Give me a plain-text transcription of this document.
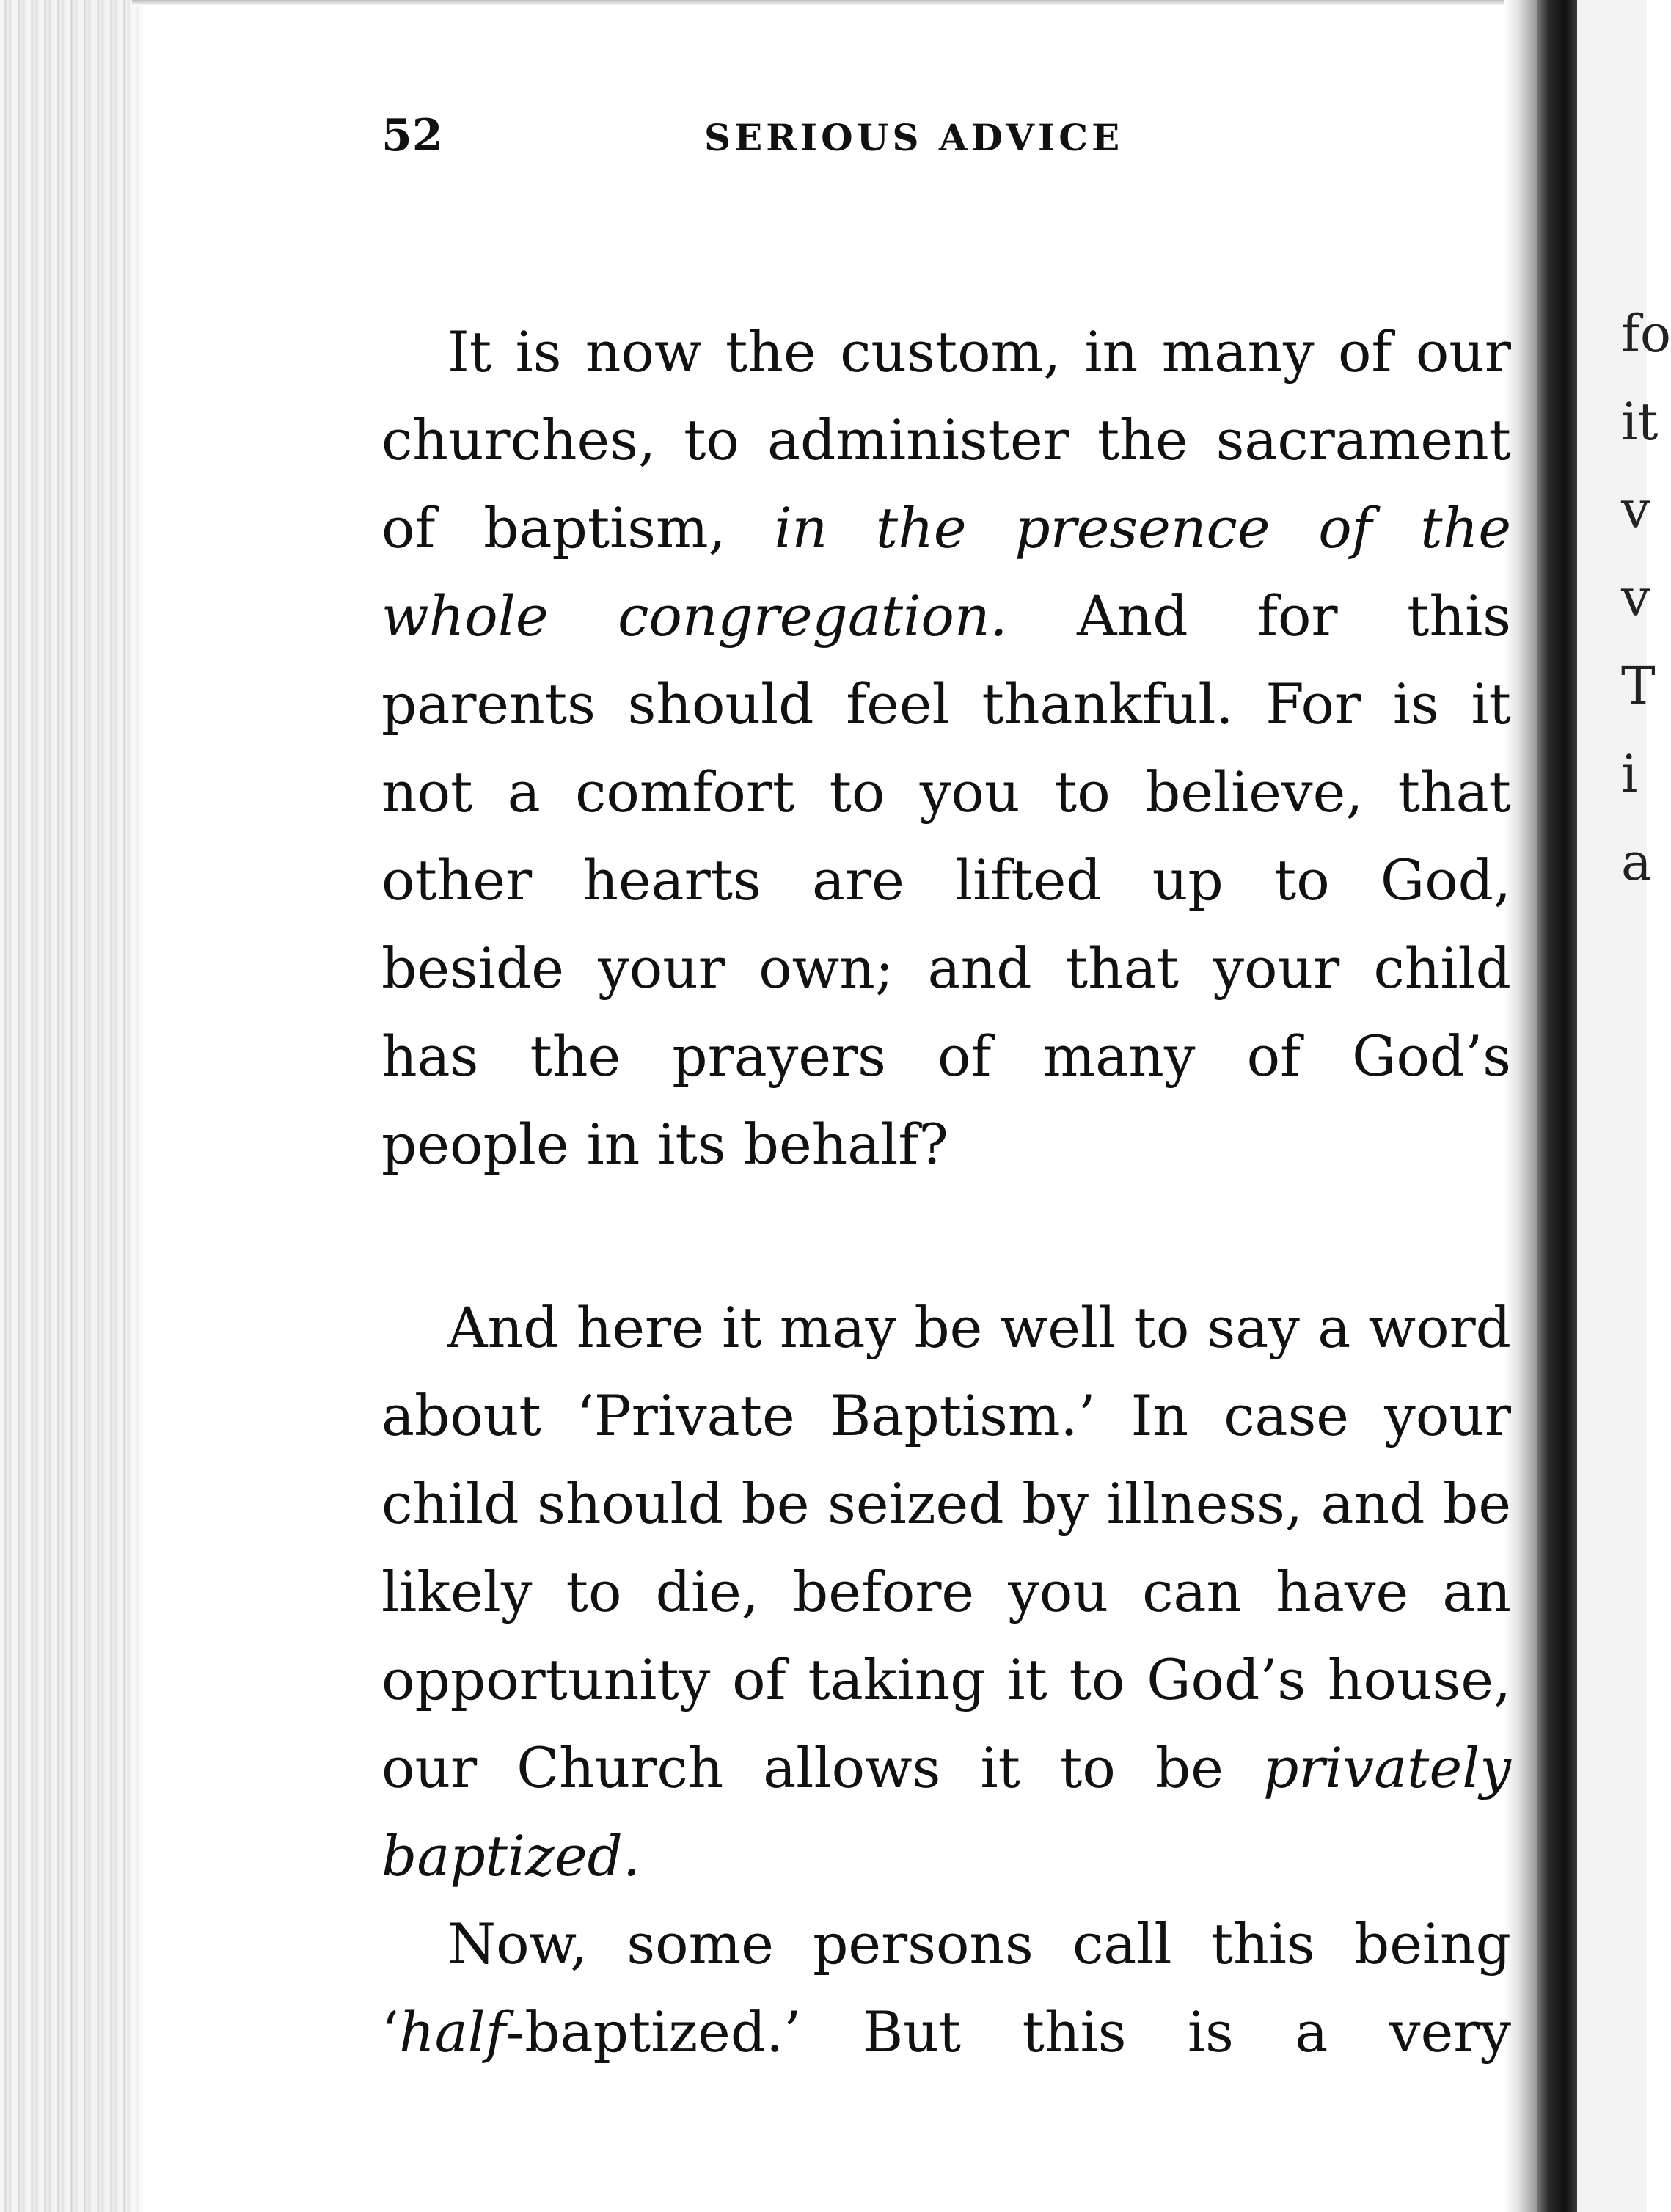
fo
it
v
v
T
i
a
52	SERIOUS ADVICE

It is now the custom, in many of our churches, to administer the sacrament of baptism, in the presence of the whole congregation. And for this parents should feel thankful. For is it not a comfort to you to believe, that other hearts are lifted up to God, beside your own; and that your child has the prayers of many of God’s people in its behalf?

And here it may be well to say a word about ‘Private Baptism.’ In case your child should be seized by illness, and be likely to die, before you can have an opportunity of taking it to God’s house, our Church allows it to be privately baptized.

Now, some persons call this being ‘half-baptized.’ But this is a very
